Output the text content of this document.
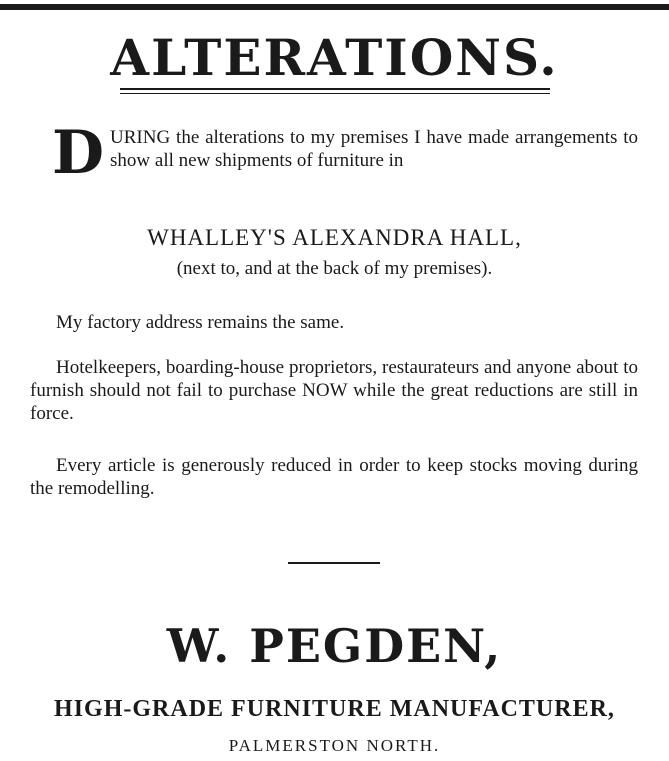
ALTERATIONS.
DURING the alterations to my premises I have made arrangements to show all new shipments of furniture in
WHALLEY'S ALEXANDRA HALL,
(next to, and at the back of my premises).
My factory address remains the same.
Hotelkeepers, boarding-house proprietors, restaurateurs and anyone about to furnish should not fail to purchase NOW while the great reductions are still in force.
Every article is generously reduced in order to keep stocks moving during the remodelling.
W. PEGDEN,
HIGH-GRADE FURNITURE MANUFACTURER,
PALMERSTON NORTH.
